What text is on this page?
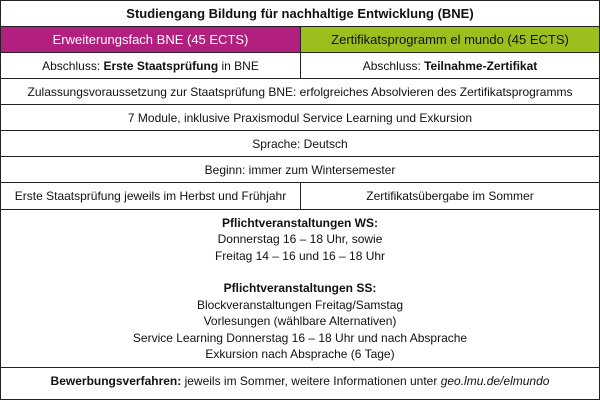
Studiengang Bildung für nachhaltige Entwicklung (BNE)
Erweiterungsfach BNE (45 ECTS)	Zertifikatsprogramm el mundo (45 ECTS)
Abschluss: Erste Staatsprüfung in BNE	Abschluss: Teilnahme-Zertifikat
Zulassungsvoraussetzung zur Staatsprüfung BNE: erfolgreiches Absolvieren des Zertifikatsprogramms
7 Module, inklusive Praxismodul Service Learning und Exkursion
Sprache: Deutsch
Beginn: immer zum Wintersemester
Erste Staatsprüfung jeweils im Herbst und Frühjahr	Zertifikatsübergabe im Sommer
Pflichtveranstaltungen WS:
Donnerstag 16 – 18 Uhr, sowie
Freitag 14 – 16 und 16 – 18 Uhr
Pflichtveranstaltungen SS:
Blockveranstaltungen Freitag/Samstag
Vorlesungen (wählbare Alternativen)
Service Learning Donnerstag 16 – 18 Uhr und nach Absprache
Exkursion nach Absprache (6 Tage)
Bewerbungsverfahren: jeweils im Sommer, weitere Informationen unter geo.lmu.de/elmundo
